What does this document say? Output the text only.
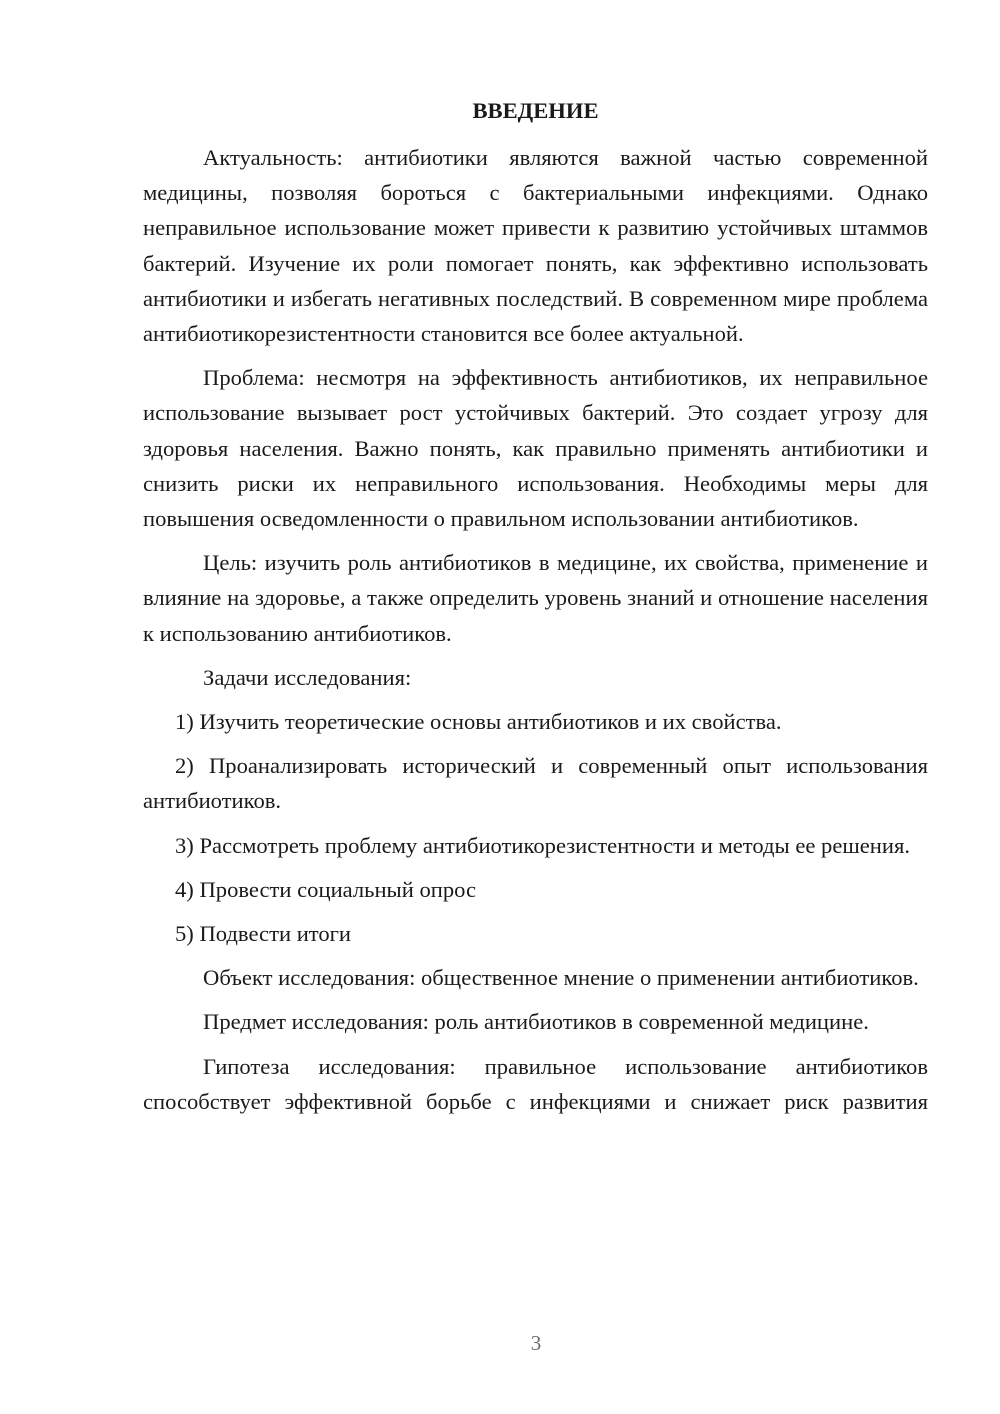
ВВЕДЕНИЕ

Актуальность: антибиотики являются важной частью современной медицины, позволяя бороться с бактериальными инфекциями. Однако неправильное использование может привести к развитию устойчивых штаммов бактерий. Изучение их роли помогает понять, как эффективно использовать антибиотики и избегать негативных последствий. В современном мире проблема антибиотикорезистентности становится все более актуальной.

Проблема: несмотря на эффективность антибиотиков, их неправильное использование вызывает рост устойчивых бактерий. Это создает угрозу для здоровья населения. Важно понять, как правильно применять антибиотики и снизить риски их неправильного использования. Необходимы меры для повышения осведомленности о правильном использовании антибиотиков.

Цель: изучить роль антибиотиков в медицине, их свойства, применение и влияние на здоровье, а также определить уровень знаний и отношение населения к использованию антибиотиков.

Задачи исследования:

1) Изучить теоретические основы антибиотиков и их свойства.

2) Проанализировать исторический и современный опыт использования антибиотиков.

3) Рассмотреть проблему антибиотикорезистентности и методы ее решения.

4) Провести социальный опрос

5) Подвести итоги

Объект исследования: общественное мнение о применении антибиотиков.

Предмет исследования: роль антибиотиков в современной медицине.

Гипотеза исследования: правильное использование антибиотиков способствует эффективной борьбе с инфекциями и снижает риск развития

3
